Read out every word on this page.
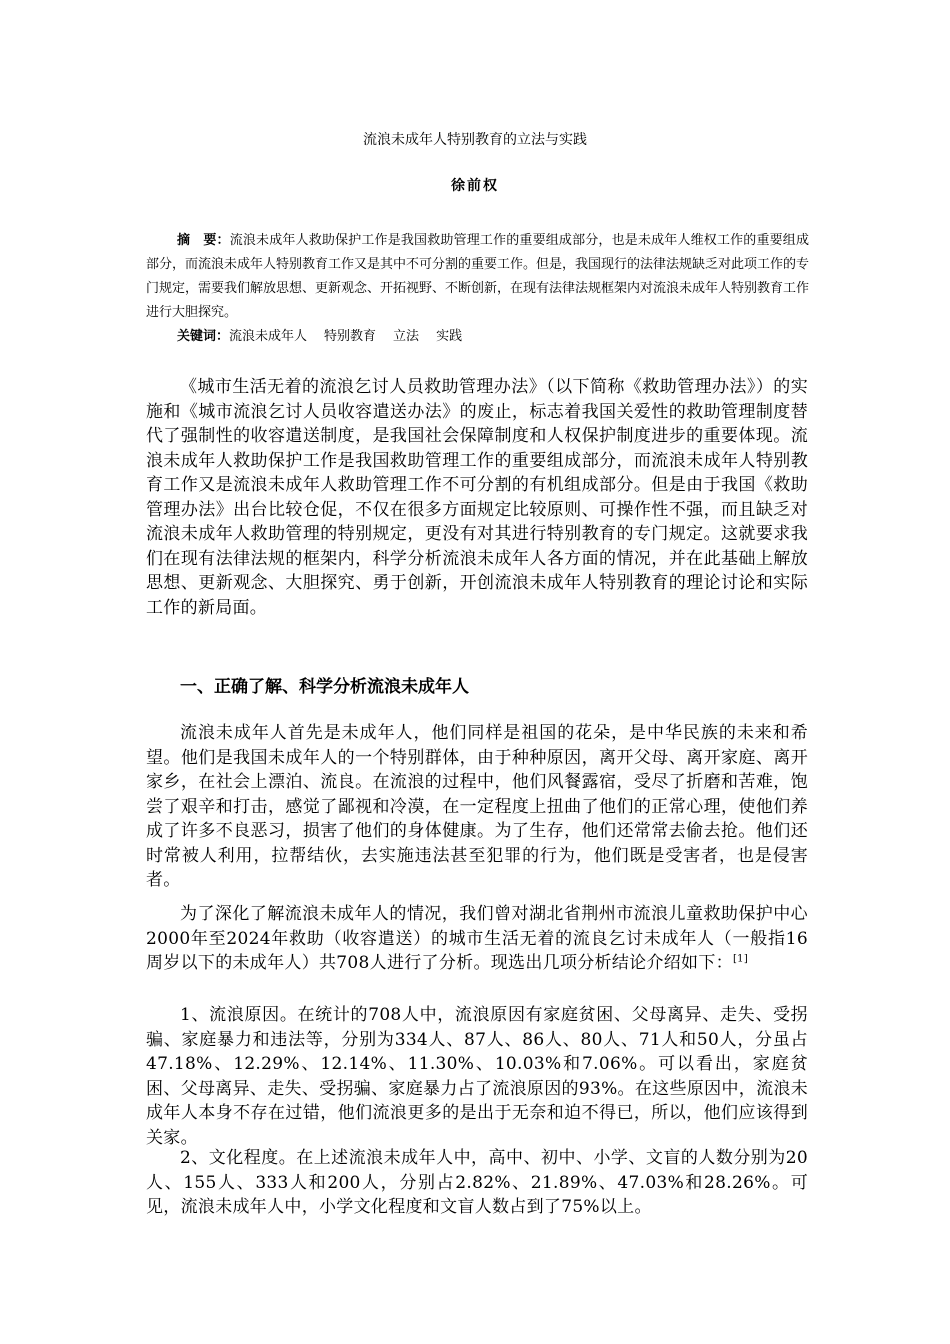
流浪未成年人特别教育的立法与实践
徐前权

摘　要：流浪未成年人救助保护工作是我国救助管理工作的重要组成部分，也是未成年人维权工作的重要组成部分，而流浪未成年人特别教育工作又是其中不可分割的重要工作。但是，我国现行的法律法规缺乏对此项工作的专门规定，需要我们解放思想、更新观念、开拓视野、不断创新，在现有法律法规框架内对流浪未成年人特别教育工作进行大胆探究。

关键词：流浪未成年人 特别教育 立法 实践

《城市生活无着的流浪乞讨人员救助管理办法》（以下简称《救助管理办法》）的实施和《城市流浪乞讨人员收容遣送办法》的废止，标志着我国关爱性的救助管理制度替代了强制性的收容遣送制度，是我国社会保障制度和人权保护制度进步的重要体现。流浪未成年人救助保护工作是我国救助管理工作的重要组成部分，而流浪未成年人特别教育工作又是流浪未成年人救助管理工作不可分割的有机组成部分。但是由于我国《救助管理办法》出台比较仓促，不仅在很多方面规定比较原则、可操作性不强，而且缺乏对流浪未成年人救助管理的特别规定，更没有对其进行特别教育的专门规定。这就要求我们在现有法律法规的框架内，科学分析流浪未成年人各方面的情况，并在此基础上解放思想、更新观念、大胆探究、勇于创新，开创流浪未成年人特别教育的理论讨论和实际工作的新局面。

一、正确了解、科学分析流浪未成年人

流浪未成年人首先是未成年人，他们同样是祖国的花朵，是中华民族的未来和希望。他们是我国未成年人的一个特别群体，由于种种原因，离开父母、离开家庭、离开家乡，在社会上漂泊、流良。在流浪的过程中，他们风餐露宿，受尽了折磨和苦难，饱尝了艰辛和打击，感觉了鄙视和冷漠，在一定程度上扭曲了他们的正常心理，使他们养成了许多不良恶习，损害了他们的身体健康。为了生存，他们还常常去偷去抢。他们还时常被人利用，拉帮结伙，去实施违法甚至犯罪的行为，他们既是受害者，也是侵害者。

为了深化了解流浪未成年人的情况，我们曾对湖北省荆州市流浪儿童救助保护中心2000年至2024年救助（收容遣送）的城市生活无着的流良乞讨未成年人（一般指16周岁以下的未成年人）共708人进行了分析。现选出几项分析结论介绍如下：[1]

1、流浪原因。在统计的708人中，流浪原因有家庭贫困、父母离异、走失、受拐骗、家庭暴力和违法等，分别为334人、87人、86人、80人、71人和50人，分虽占47.18%、12.29%、12.14%、11.30%、10.03%和7.06%。可以看出，家庭贫困、父母离异、走失、受拐骗、家庭暴力占了流浪原因的93%。在这些原因中，流浪未成年人本身不存在过错，他们流浪更多的是出于无奈和迫不得已，所以，他们应该得到关家。

2、文化程度。在上述流浪未成年人中，高中、初中、小学、文盲的人数分别为20人、155人、333人和200人，分别占2.82%、21.89%、47.03%和28.26%。可见，流浪未成年人中，小学文化程度和文盲人数占到了75%以上。
